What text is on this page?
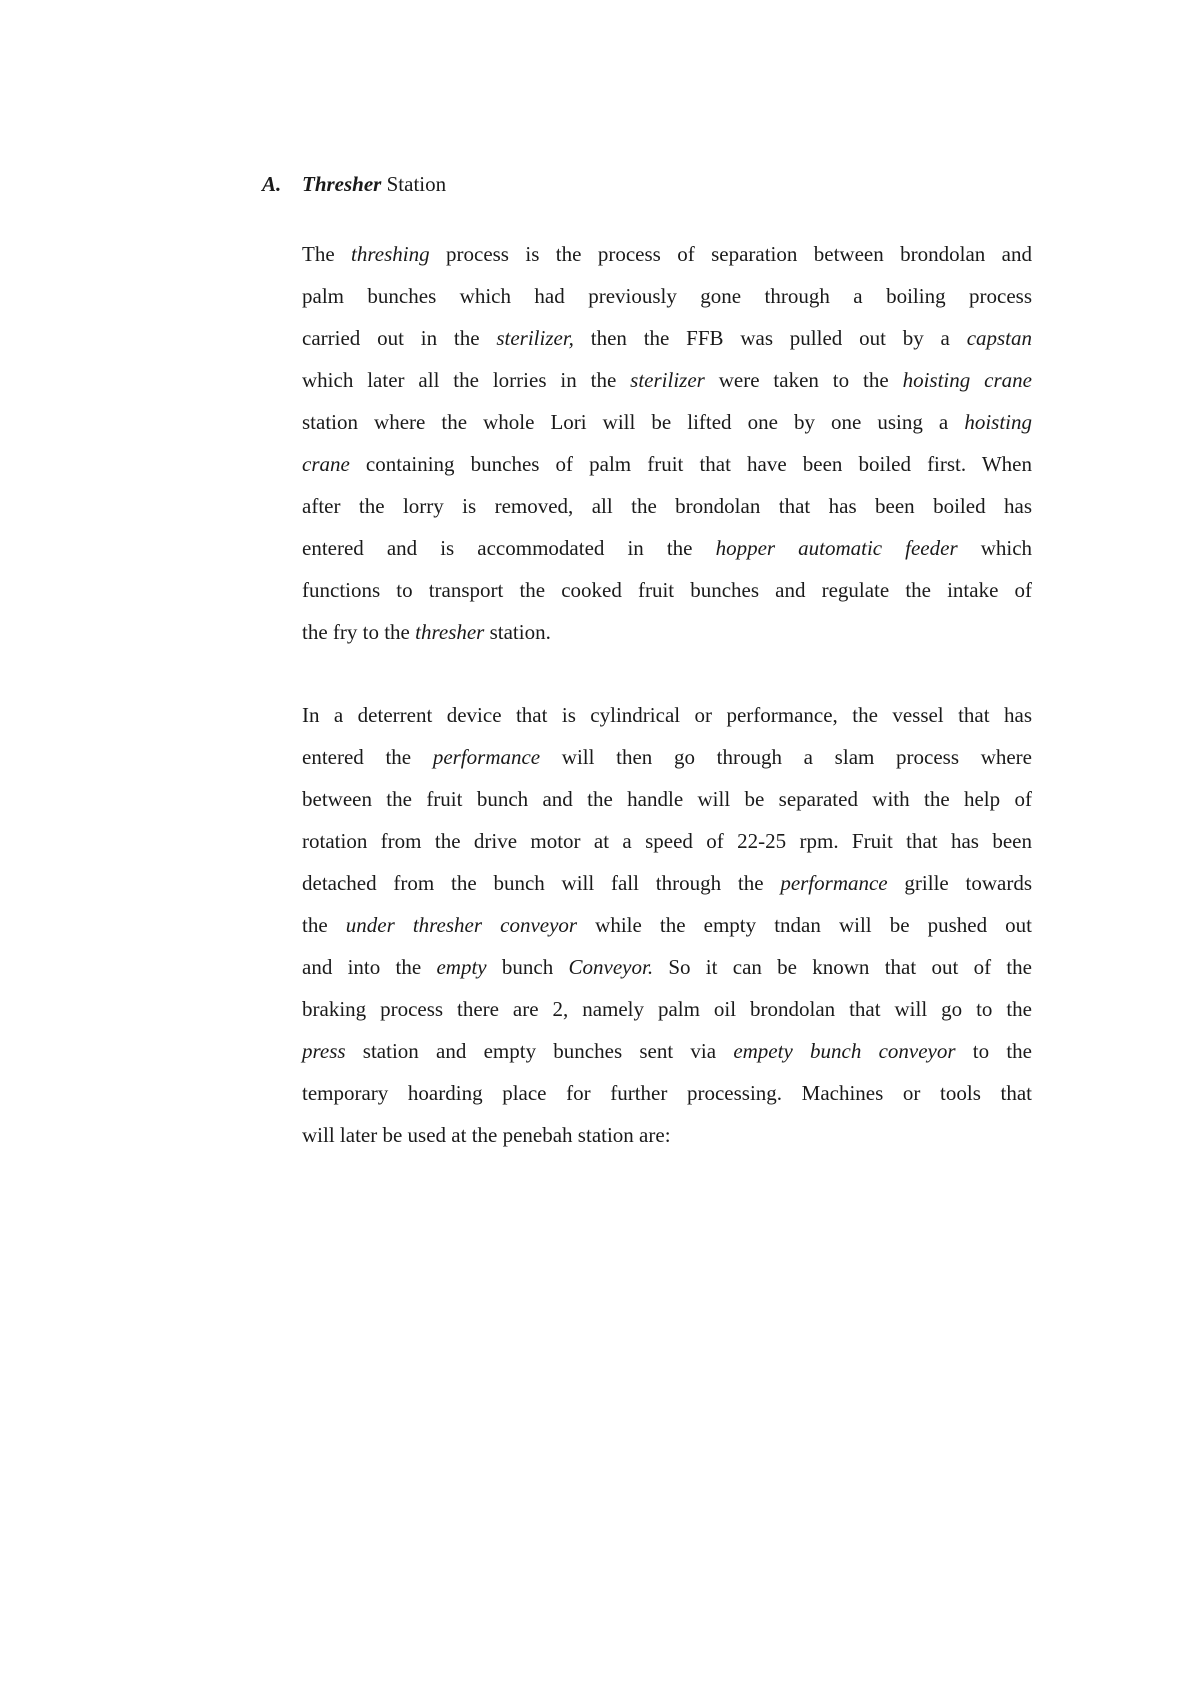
A. Thresher Station
The threshing process is the process of separation between brondolan and
palm bunches which had previously gone through a boiling process
carried out in the sterilizer, then the FFB was pulled out by a capstan
which later all the lorries in the sterilizer were taken to the hoisting crane
station where the whole Lori will be lifted one by one using a hoisting
crane containing bunches of palm fruit that have been boiled first. When
after the lorry is removed, all the brondolan that has been boiled has
entered and is accommodated in the hopper automatic feeder which
functions to transport the cooked fruit bunches and regulate the intake of
the fry to the thresher station.
In a deterrent device that is cylindrical or performance, the vessel that has
entered the performance will then go through a slam process where
between the fruit bunch and the handle will be separated with the help of
rotation from the drive motor at a speed of 22-25 rpm. Fruit that has been
detached from the bunch will fall through the performance grille towards
the under thresher conveyor while the empty tndan will be pushed out
and into the empty bunch Conveyor. So it can be known that out of the
braking process there are 2, namely palm oil brondolan that will go to the
press station and empty bunches sent via empety bunch conveyor to the
temporary hoarding place for further processing. Machines or tools that
will later be used at the penebah station are:
